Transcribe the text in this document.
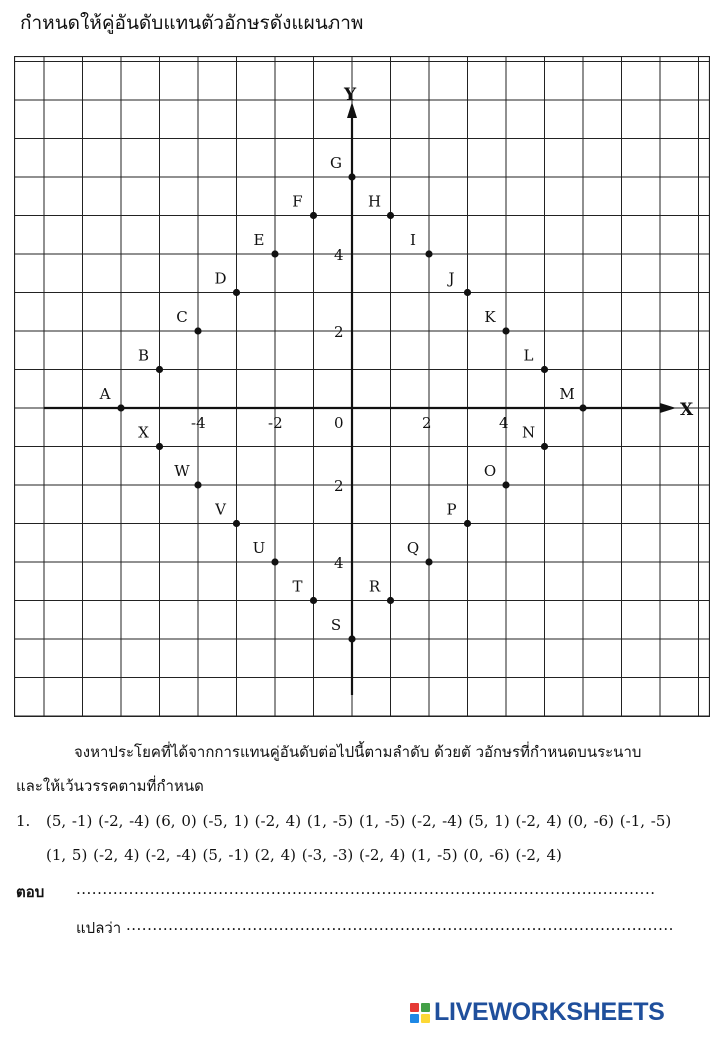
กำหนดให้คู่อันดับแทนตัวอักษรดังแผนภาพ
X
Y
0
-4	-2	2	4
4
2
2
4
A
B
C
D
E
F
G
H
I
J
K
L
M
N
O
P
Q
R
S
T
U
V
W
X
จงหาประโยคที่ได้จากการแทนคู่อันดับต่อไปนี้ตามลำดับ ด้วยตั วอักษรที่กำหนดบนระนาบ
และให้เว้นวรรคตามที่กำหนด
1. (5, -1) (-2, -4) (6, 0) (-5, 1) (-2, 4) (1, -5) (1, -5) (-2, -4) (5, 1) (-2, 4) (0, -6) (-1, -5)
(1, 5) (-2, 4) (-2, -4) (5, -1) (2, 4) (-3, -3) (-2, 4) (1, -5) (0, -6) (-2, 4)
ตอบ ..............................................................................................................
แปลว่า ........................................................................................................
LIVEWORKSHEETS
